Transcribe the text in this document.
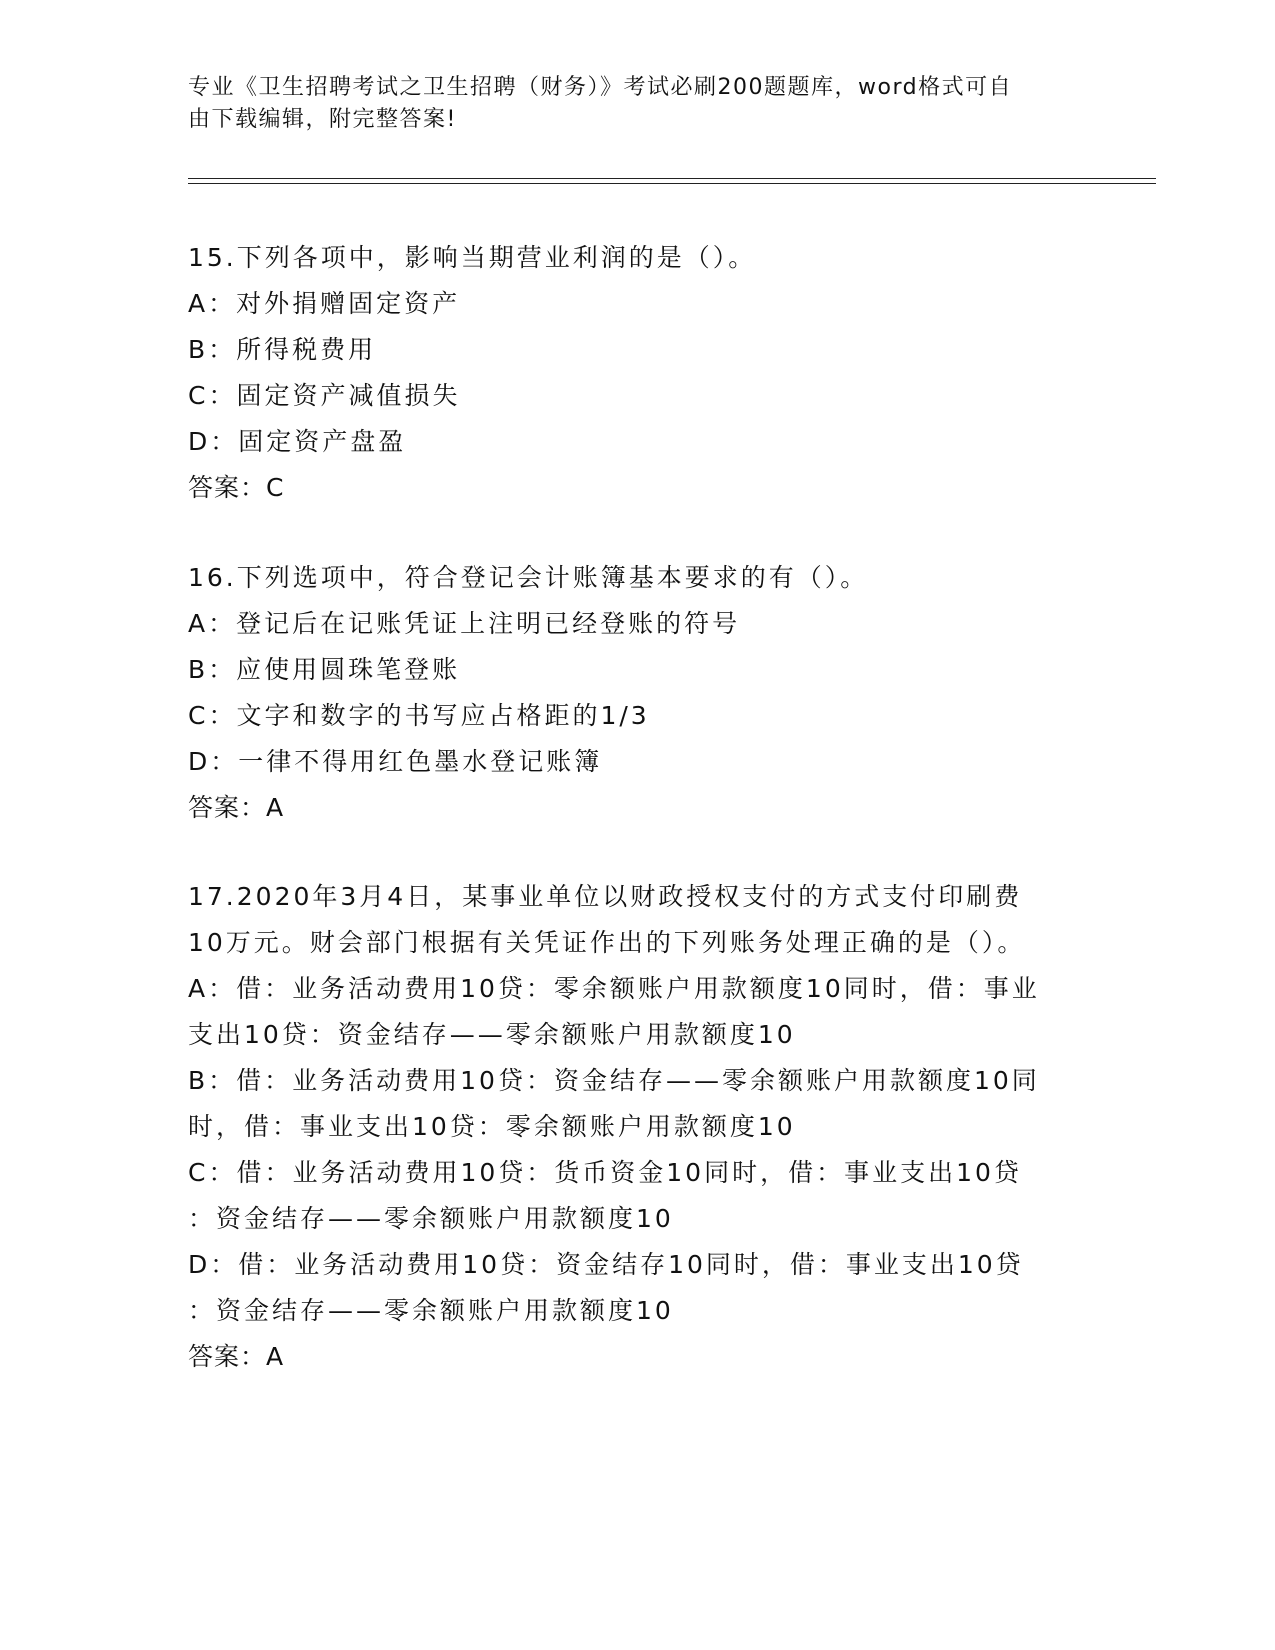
专业《卫生招聘考试之卫生招聘（财务）》考试必刷200题题库，word格式可自
由下载编辑，附完整答案!
15.下列各项中，影响当期营业利润的是（）。
A：对外捐赠固定资产
B：所得税费用
C：固定资产减值损失
D：固定资产盘盈
答案：C
16.下列选项中，符合登记会计账簿基本要求的有（）。
A：登记后在记账凭证上注明已经登账的符号
B：应使用圆珠笔登账
C：文字和数字的书写应占格距的1/3
D：一律不得用红色墨水登记账簿
答案：A
17.2020年3月4日，某事业单位以财政授权支付的方式支付印刷费
10万元。财会部门根据有关凭证作出的下列账务处理正确的是（）。
A：借：业务活动费用10贷：零余额账户用款额度10同时，借：事业
支出10贷：资金结存——零余额账户用款额度10
B：借：业务活动费用10贷：资金结存——零余额账户用款额度10同
时，借：事业支出10贷：零余额账户用款额度10
C：借：业务活动费用10贷：货币资金10同时，借：事业支出10贷
：资金结存——零余额账户用款额度10
D：借：业务活动费用10贷：资金结存10同时，借：事业支出10贷
：资金结存——零余额账户用款额度10
答案：A
